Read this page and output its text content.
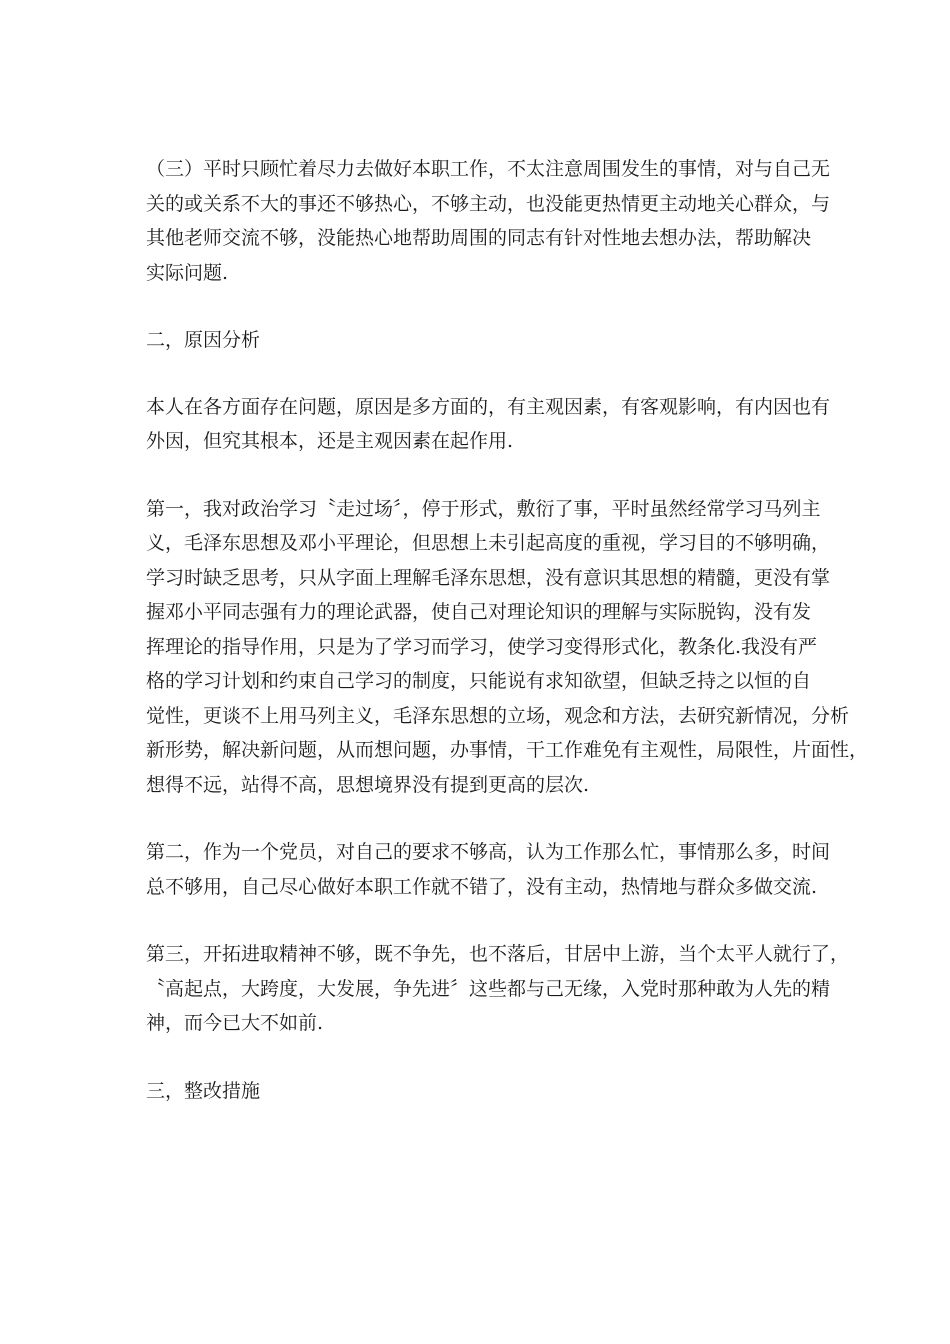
（三）平时只顾忙着尽力去做好本职工作，不太注意周围发生的事情，对与自己无
关的或关系不大的事还不够热心，不够主动，也没能更热情更主动地关心群众，与
其他老师交流不够，没能热心地帮助周围的同志有针对性地去想办法，帮助解决
实际问题.
二，原因分析
本人在各方面存在问题，原因是多方面的，有主观因素，有客观影响，有内因也有
外因，但究其根本，还是主观因素在起作用.
第一，我对政治学习〝走过场〞，停于形式，敷衍了事，平时虽然经常学习马列主
义，毛泽东思想及邓小平理论，但思想上未引起高度的重视，学习目的不够明确，
学习时缺乏思考，只从字面上理解毛泽东思想，没有意识其思想的精髓，更没有掌
握邓小平同志强有力的理论武器，使自己对理论知识的理解与实际脱钩，没有发
挥理论的指导作用，只是为了学习而学习，使学习变得形式化，教条化.我没有严
格的学习计划和约束自己学习的制度，只能说有求知欲望，但缺乏持之以恒的自
觉性，更谈不上用马列主义，毛泽东思想的立场，观念和方法，去研究新情况，分析
新形势，解决新问题，从而想问题，办事情，干工作难免有主观性，局限性，片面性，
想得不远，站得不高，思想境界没有提到更高的层次.
第二，作为一个党员，对自己的要求不够高，认为工作那么忙，事情那么多，时间
总不够用，自己尽心做好本职工作就不错了，没有主动，热情地与群众多做交流.
第三，开拓进取精神不够，既不争先，也不落后，甘居中上游，当个太平人就行了，
〝高起点，大跨度，大发展，争先进〞这些都与己无缘，入党时那种敢为人先的精
神，而今已大不如前.
三，整改措施
